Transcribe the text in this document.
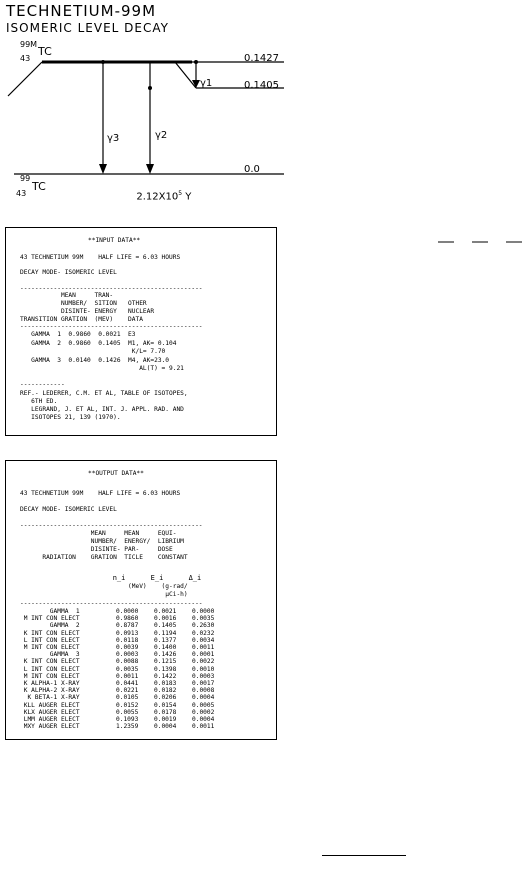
TECHNETIUM-99M
ISOMERIC LEVEL DECAY
99M
TC
43	0.1427
0.1405
0.0
γ1
γ3	γ2
99
TC
43	$2.12X10^5$ Y

**INPUT DATA**
43 TECHNETIUM 99M    HALF LIFE = 6.03 HOURS
DECAY MODE- ISOMERIC LEVEL
-------------------------------------------------
MEAN     TRAN-
NUMBER/  SITION   OTHER
DISINTE- ENERGY   NUCLEAR
TRANSITION GRATION  (MEV)    DATA
-------------------------------------------------
GAMMA  1  0.9860  0.0021  E3
GAMMA  2  0.9860  0.1405  M1, AK= 0.104
K/L= 7.70
GAMMA  3  0.0140  0.1426  M4, AK=23.0
AL(T) = 9.21
------------
REF.- LEDERER, C.M. ET AL, TABLE OF ISOTOPES,
6TH ED.
LEGRAND, J. ET AL, INT. J. APPL. RAD. AND
ISOTOPES 21, 139 (1970).
**OUTPUT DATA**
43 TECHNETIUM 99M    HALF LIFE = 6.03 HOURS
DECAY MODE- ISOMERIC LEVEL
-------------------------------------------------
MEAN     MEAN     EQUI-
NUMBER/  ENERGY/  LIBRIUM
DISINTE- PAR-     DOSE
RADIATION    GRATION  TICLE    CONSTANT
n_i      E_i      Δ_i
(MeV)    (g-rad/
µCi-h)
-------------------------------------------------
GAMMA  1	0.0000	0.0021	0.0000
M INT CON ELECT	0.9860	0.0016	0.0035
GAMMA  2	0.8787	0.1405	0.2630
K INT CON ELECT	0.0913	0.1194	0.0232
L INT CON ELECT	0.0118	0.1377	0.0034
M INT CON ELECT	0.0039	0.1400	0.0011
GAMMA  3	0.0003	0.1426	0.0001
K INT CON ELECT	0.0088	0.1215	0.0022
L INT CON ELECT	0.0035	0.1398	0.0010
M INT CON ELECT	0.0011	0.1422	0.0003
K ALPHA-1 X-RAY	0.0441	0.0183	0.0017
K ALPHA-2 X-RAY	0.0221	0.0182	0.0008
K BETA-1 X-RAY	0.0105	0.0206	0.0004
KLL AUGER ELECT	0.0152	0.0154	0.0005
KLX AUGER ELECT	0.0055	0.0178	0.0002
LMM AUGER ELECT	0.1093	0.0019	0.0004
MXY AUGER ELECT	1.2359	0.0004	0.0011
